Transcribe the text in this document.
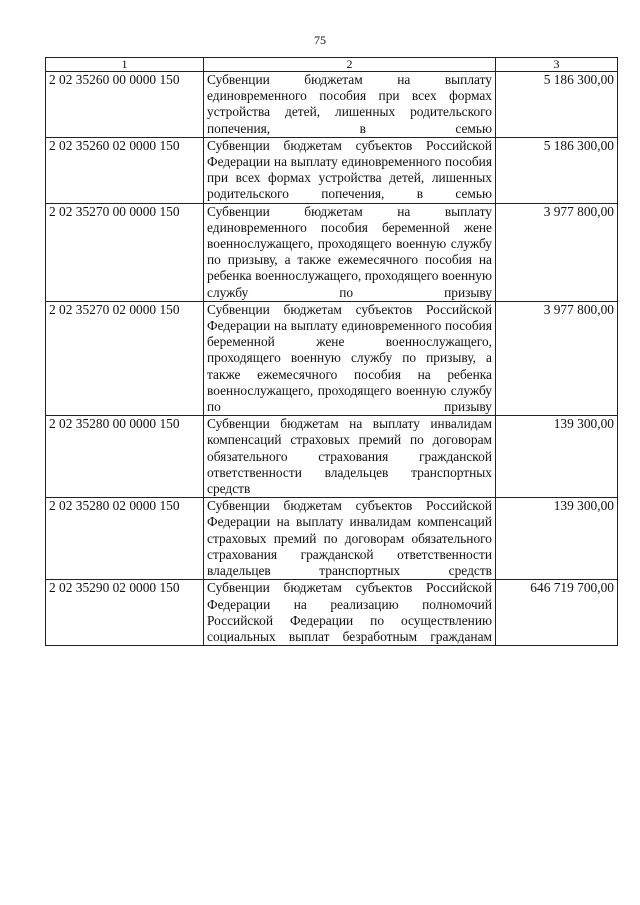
75
1	2	3
2 02 35260 00 0000 150	Субвенции бюджетам на выплату единовременного пособия при всех формах устройства детей, лишенных родительского попечения, в семью	5 186 300,00
2 02 35260 02 0000 150	Субвенции бюджетам субъектов Российской Федерации на выплату единовременного пособия при всех формах устройства детей, лишенных родительского попечения, в семью	5 186 300,00
2 02 35270 00 0000 150	Субвенции бюджетам на выплату единовременного пособия беременной жене военнослужащего, проходящего военную службу по призыву, а также ежемесячного пособия на ребенка военнослужащего, проходящего военную службу по призыву	3 977 800,00
2 02 35270 02 0000 150	Субвенции бюджетам субъектов Российской Федерации на выплату единовременного пособия беременной жене военнослужащего, проходящего военную службу по призыву, а также ежемесячного пособия на ребенка военнослужащего, проходящего военную службу по призыву	3 977 800,00
2 02 35280 00 0000 150	Субвенции бюджетам на выплату инвалидам компенсаций страховых премий по договорам обязательного страхования гражданской ответственности владельцев транспортных средств	139 300,00
2 02 35280 02 0000 150	Субвенции бюджетам субъектов Российской Федерации на выплату инвалидам компенсаций страховых премий по договорам обязательного страхования гражданской ответственности владельцев транспортных средств	139 300,00
2 02 35290 02 0000 150	Субвенции бюджетам субъектов Российской Федерации на реализацию полномочий Российской Федерации по осуществлению социальных выплат безработным гражданам	646 719 700,00
